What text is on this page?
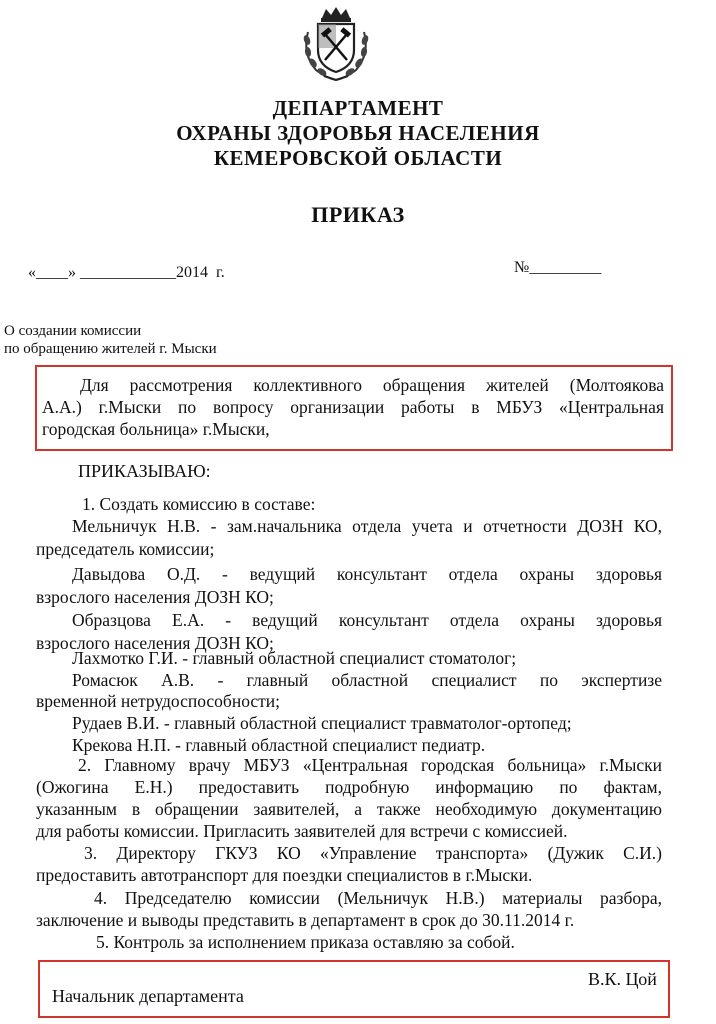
ДЕПАРТАМЕНТ
ОХРАНЫ ЗДОРОВЬЯ НАСЕЛЕНИЯ
КЕМЕРОВСКОЙ ОБЛАСТИ
ПРИКАЗ
«____» ____________2014  г.	№_________
О создании комиссии
по обращению жителей г. Мыски
Для рассмотрения коллективного обращения жителей (Молтоякова
А.А.) г.Мыски по вопросу организации работы в МБУЗ «Центральная
городская больница» г.Мыски,
ПРИКАЗЫВАЮ:
1. Создать комиссию в составе:
Мельничук Н.В. - зам.начальника отдела учета и отчетности ДОЗН КО,
председатель комиссии;
Давыдова О.Д. - ведущий консультант отдела охраны здоровья
взрослого населения ДОЗН КО;
Образцова Е.А. - ведущий консультант отдела охраны здоровья
взрослого населения ДОЗН КО;
Лахмотко Г.И. - главный областной специалист стоматолог;
Ромасюк А.В. - главный областной специалист по экспертизе
временной нетрудоспособности;
Рудаев В.И. - главный областной специалист травматолог-ортопед;
Крекова Н.П. - главный областной специалист педиатр.
2. Главному врачу МБУЗ «Центральная городская больница» г.Мыски
(Ожогина Е.Н.) предоставить подробную информацию по фактам,
указанным в обращении заявителей, а также необходимую документацию
для работы комиссии. Пригласить заявителей для встречи с комиссией.
3. Директору ГКУЗ КО «Управление транспорта» (Дужик С.И.)
предоставить автотранспорт для поездки специалистов в г.Мыски.
4. Председателю комиссии (Мельничук Н.В.) материалы разбора,
заключение и выводы представить в департамент в срок до 30.11.2014 г.
5. Контроль за исполнением приказа оставляю за собой.
Начальник департамента
В.К. Цой
